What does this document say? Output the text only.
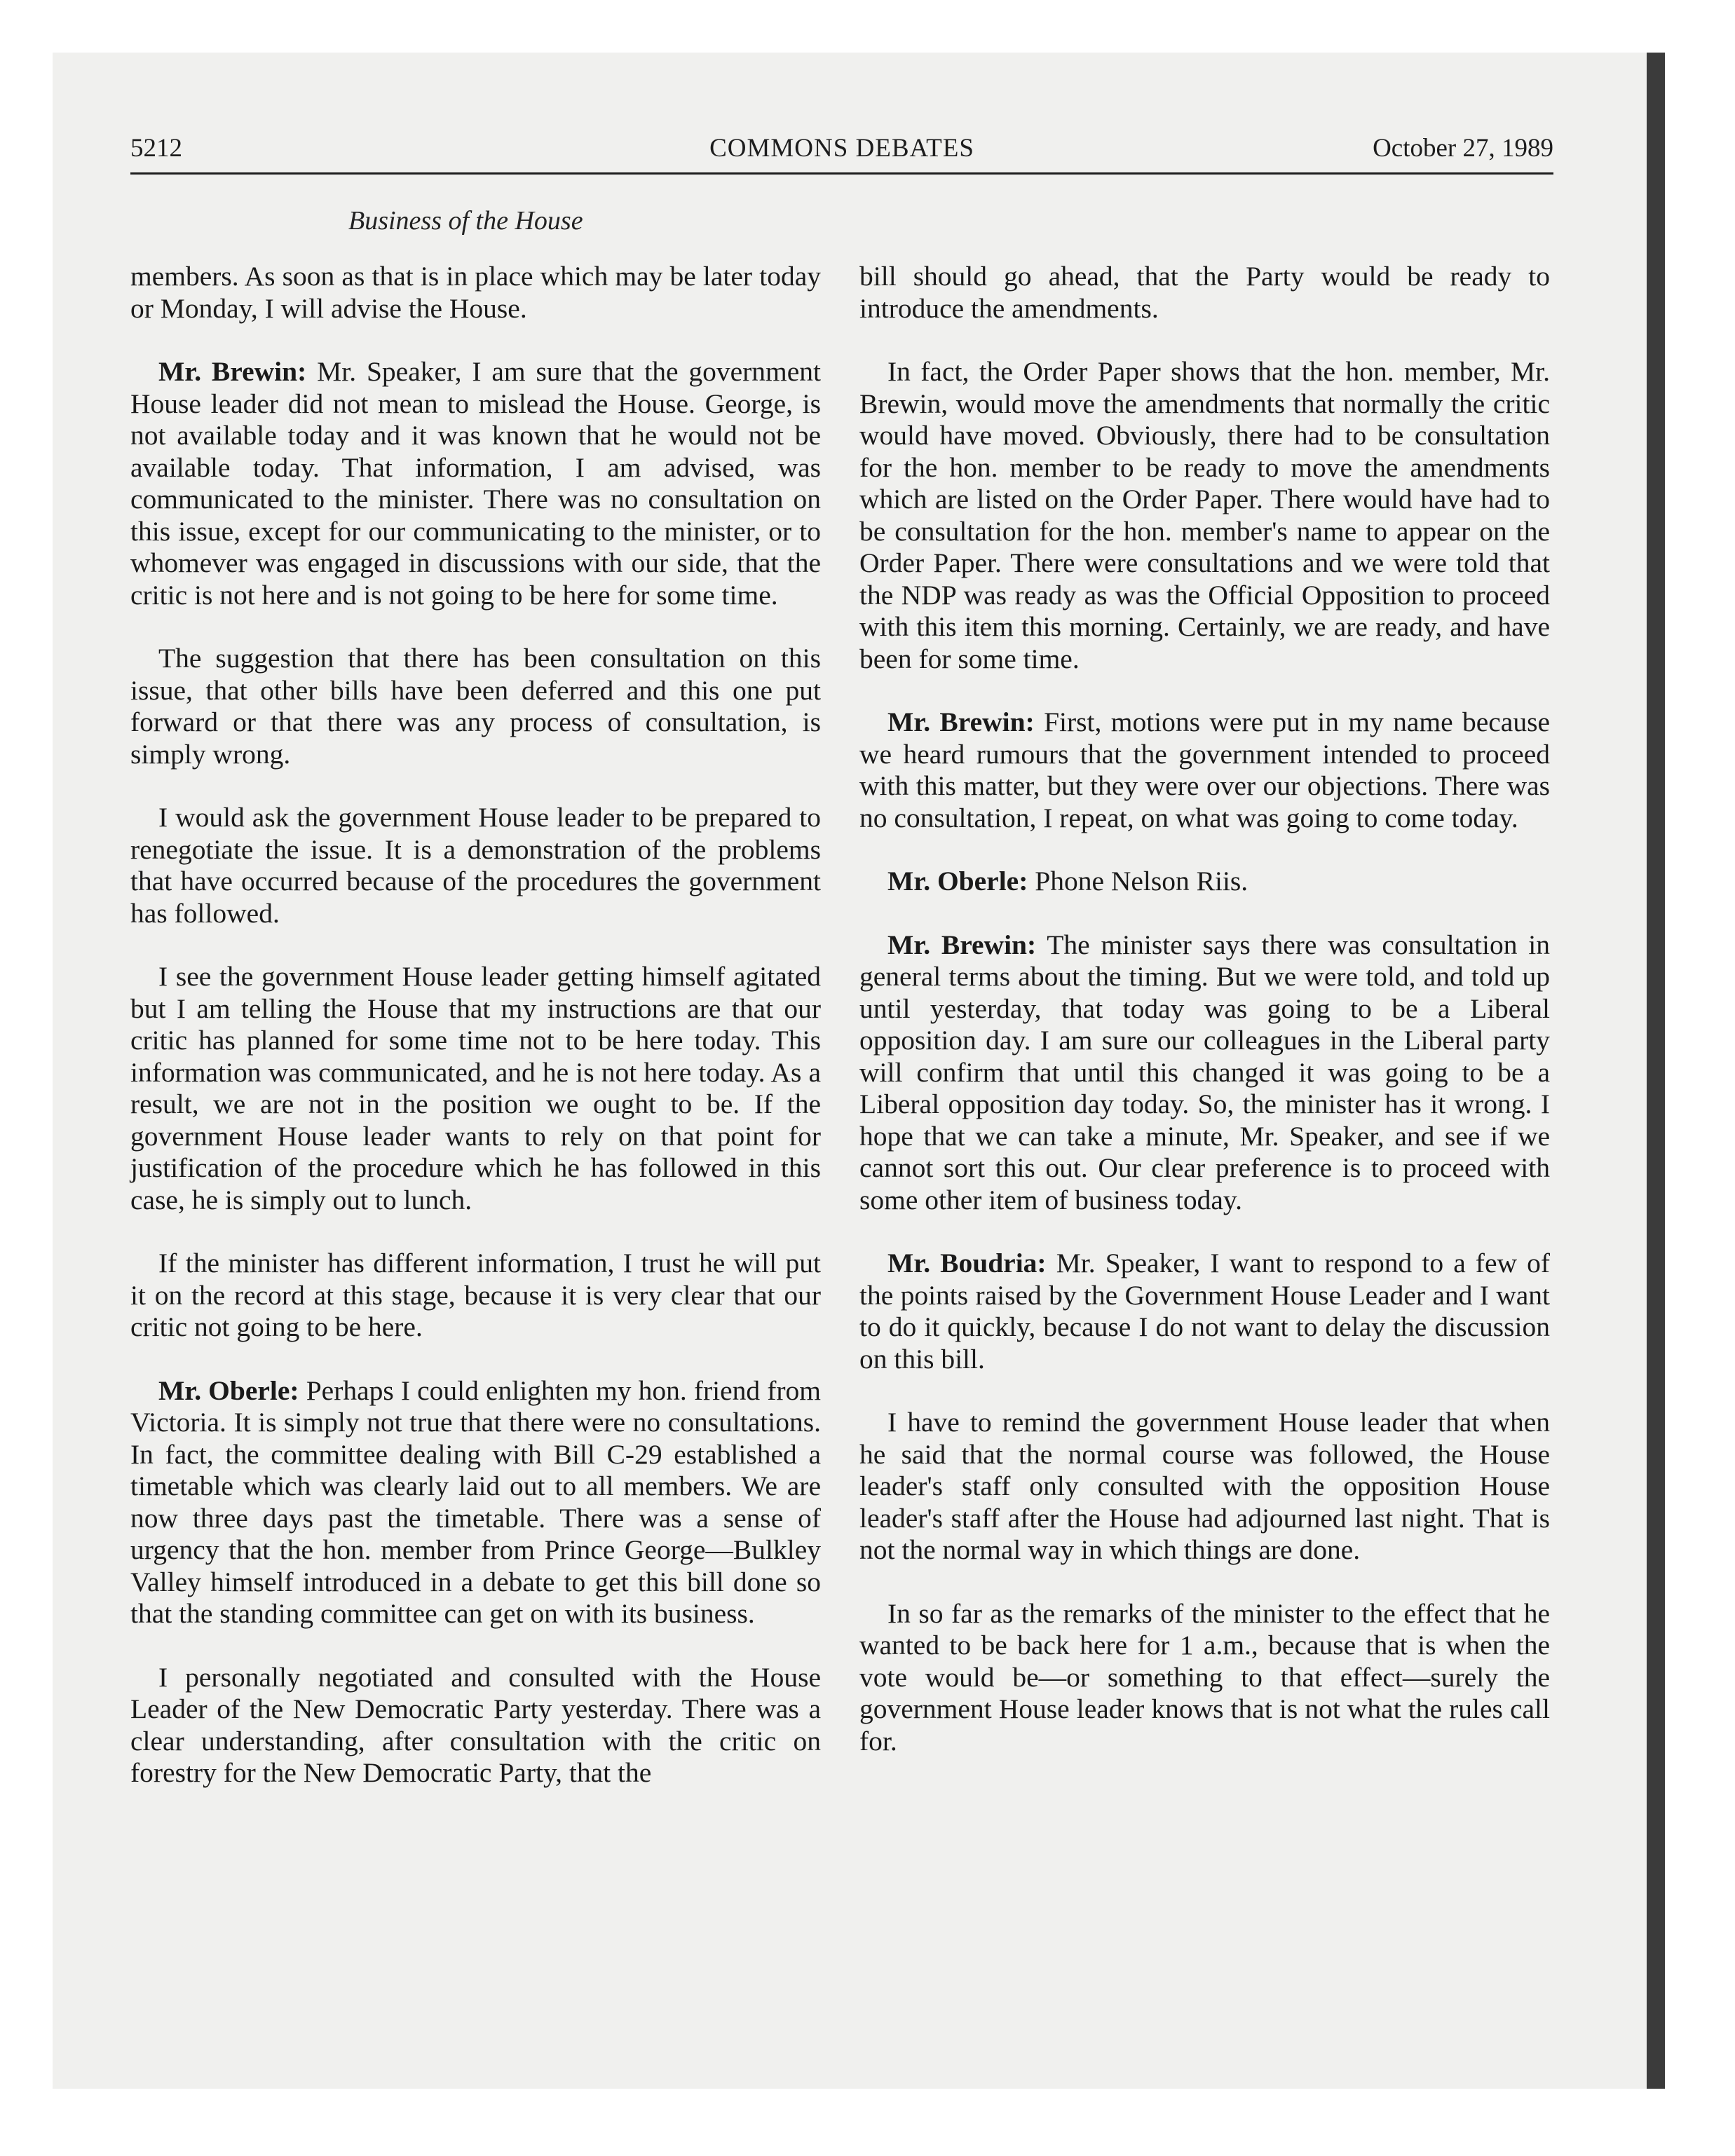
5212	COMMONS DEBATES	October 27, 1989
Business of the House

members. As soon as that is in place which may be later today or Monday, I will advise the House.

Mr. Brewin: Mr. Speaker, I am sure that the government House leader did not mean to mislead the House. George, is not available today and it was known that he would not be available today. That information, I am advised, was communicated to the minister. There was no consultation on this issue, except for our communicating to the minister, or to whomever was engaged in discussions with our side, that the critic is not here and is not going to be here for some time.

The suggestion that there has been consultation on this issue, that other bills have been deferred and this one put forward or that there was any process of consultation, is simply wrong.

I would ask the government House leader to be prepared to renegotiate the issue. It is a demonstration of the problems that have occurred because of the procedures the government has followed.

I see the government House leader getting himself agitated but I am telling the House that my instructions are that our critic has planned for some time not to be here today. This information was communicated, and he is not here today. As a result, we are not in the position we ought to be. If the government House leader wants to rely on that point for justification of the procedure which he has followed in this case, he is simply out to lunch.

If the minister has different information, I trust he will put it on the record at this stage, because it is very clear that our critic not going to be here.

Mr. Oberle: Perhaps I could enlighten my hon. friend from Victoria. It is simply not true that there were no consultations. In fact, the committee dealing with Bill C-29 established a timetable which was clearly laid out to all members. We are now three days past the timetable. There was a sense of urgency that the hon. member from Prince George—Bulkley Valley himself introduced in a debate to get this bill done so that the standing committee can get on with its business.

I personally negotiated and consulted with the House Leader of the New Democratic Party yesterday. There was a clear understanding, after consultation with the critic on forestry for the New Democratic Party, that the

bill should go ahead, that the Party would be ready to introduce the amendments.

In fact, the Order Paper shows that the hon. member, Mr. Brewin, would move the amendments that normally the critic would have moved. Obviously, there had to be consultation for the hon. member to be ready to move the amendments which are listed on the Order Paper. There would have had to be consultation for the hon. member's name to appear on the Order Paper. There were consultations and we were told that the NDP was ready as was the Official Opposition to proceed with this item this morning. Certainly, we are ready, and have been for some time.

Mr. Brewin: First, motions were put in my name because we heard rumours that the government intended to proceed with this matter, but they were over our objections. There was no consultation, I repeat, on what was going to come today.

Mr. Oberle: Phone Nelson Riis.

Mr. Brewin: The minister says there was consultation in general terms about the timing. But we were told, and told up until yesterday, that today was going to be a Liberal opposition day. I am sure our colleagues in the Liberal party will confirm that until this changed it was going to be a Liberal opposition day today. So, the minister has it wrong. I hope that we can take a minute, Mr. Speaker, and see if we cannot sort this out. Our clear preference is to proceed with some other item of business today.

Mr. Boudria: Mr. Speaker, I want to respond to a few of the points raised by the Government House Leader and I want to do it quickly, because I do not want to delay the discussion on this bill.

I have to remind the government House leader that when he said that the normal course was followed, the House leader's staff only consulted with the opposition House leader's staff after the House had adjourned last night. That is not the normal way in which things are done.

In so far as the remarks of the minister to the effect that he wanted to be back here for 1 a.m., because that is when the vote would be—or something to that effect—surely the government House leader knows that is not what the rules call for.
